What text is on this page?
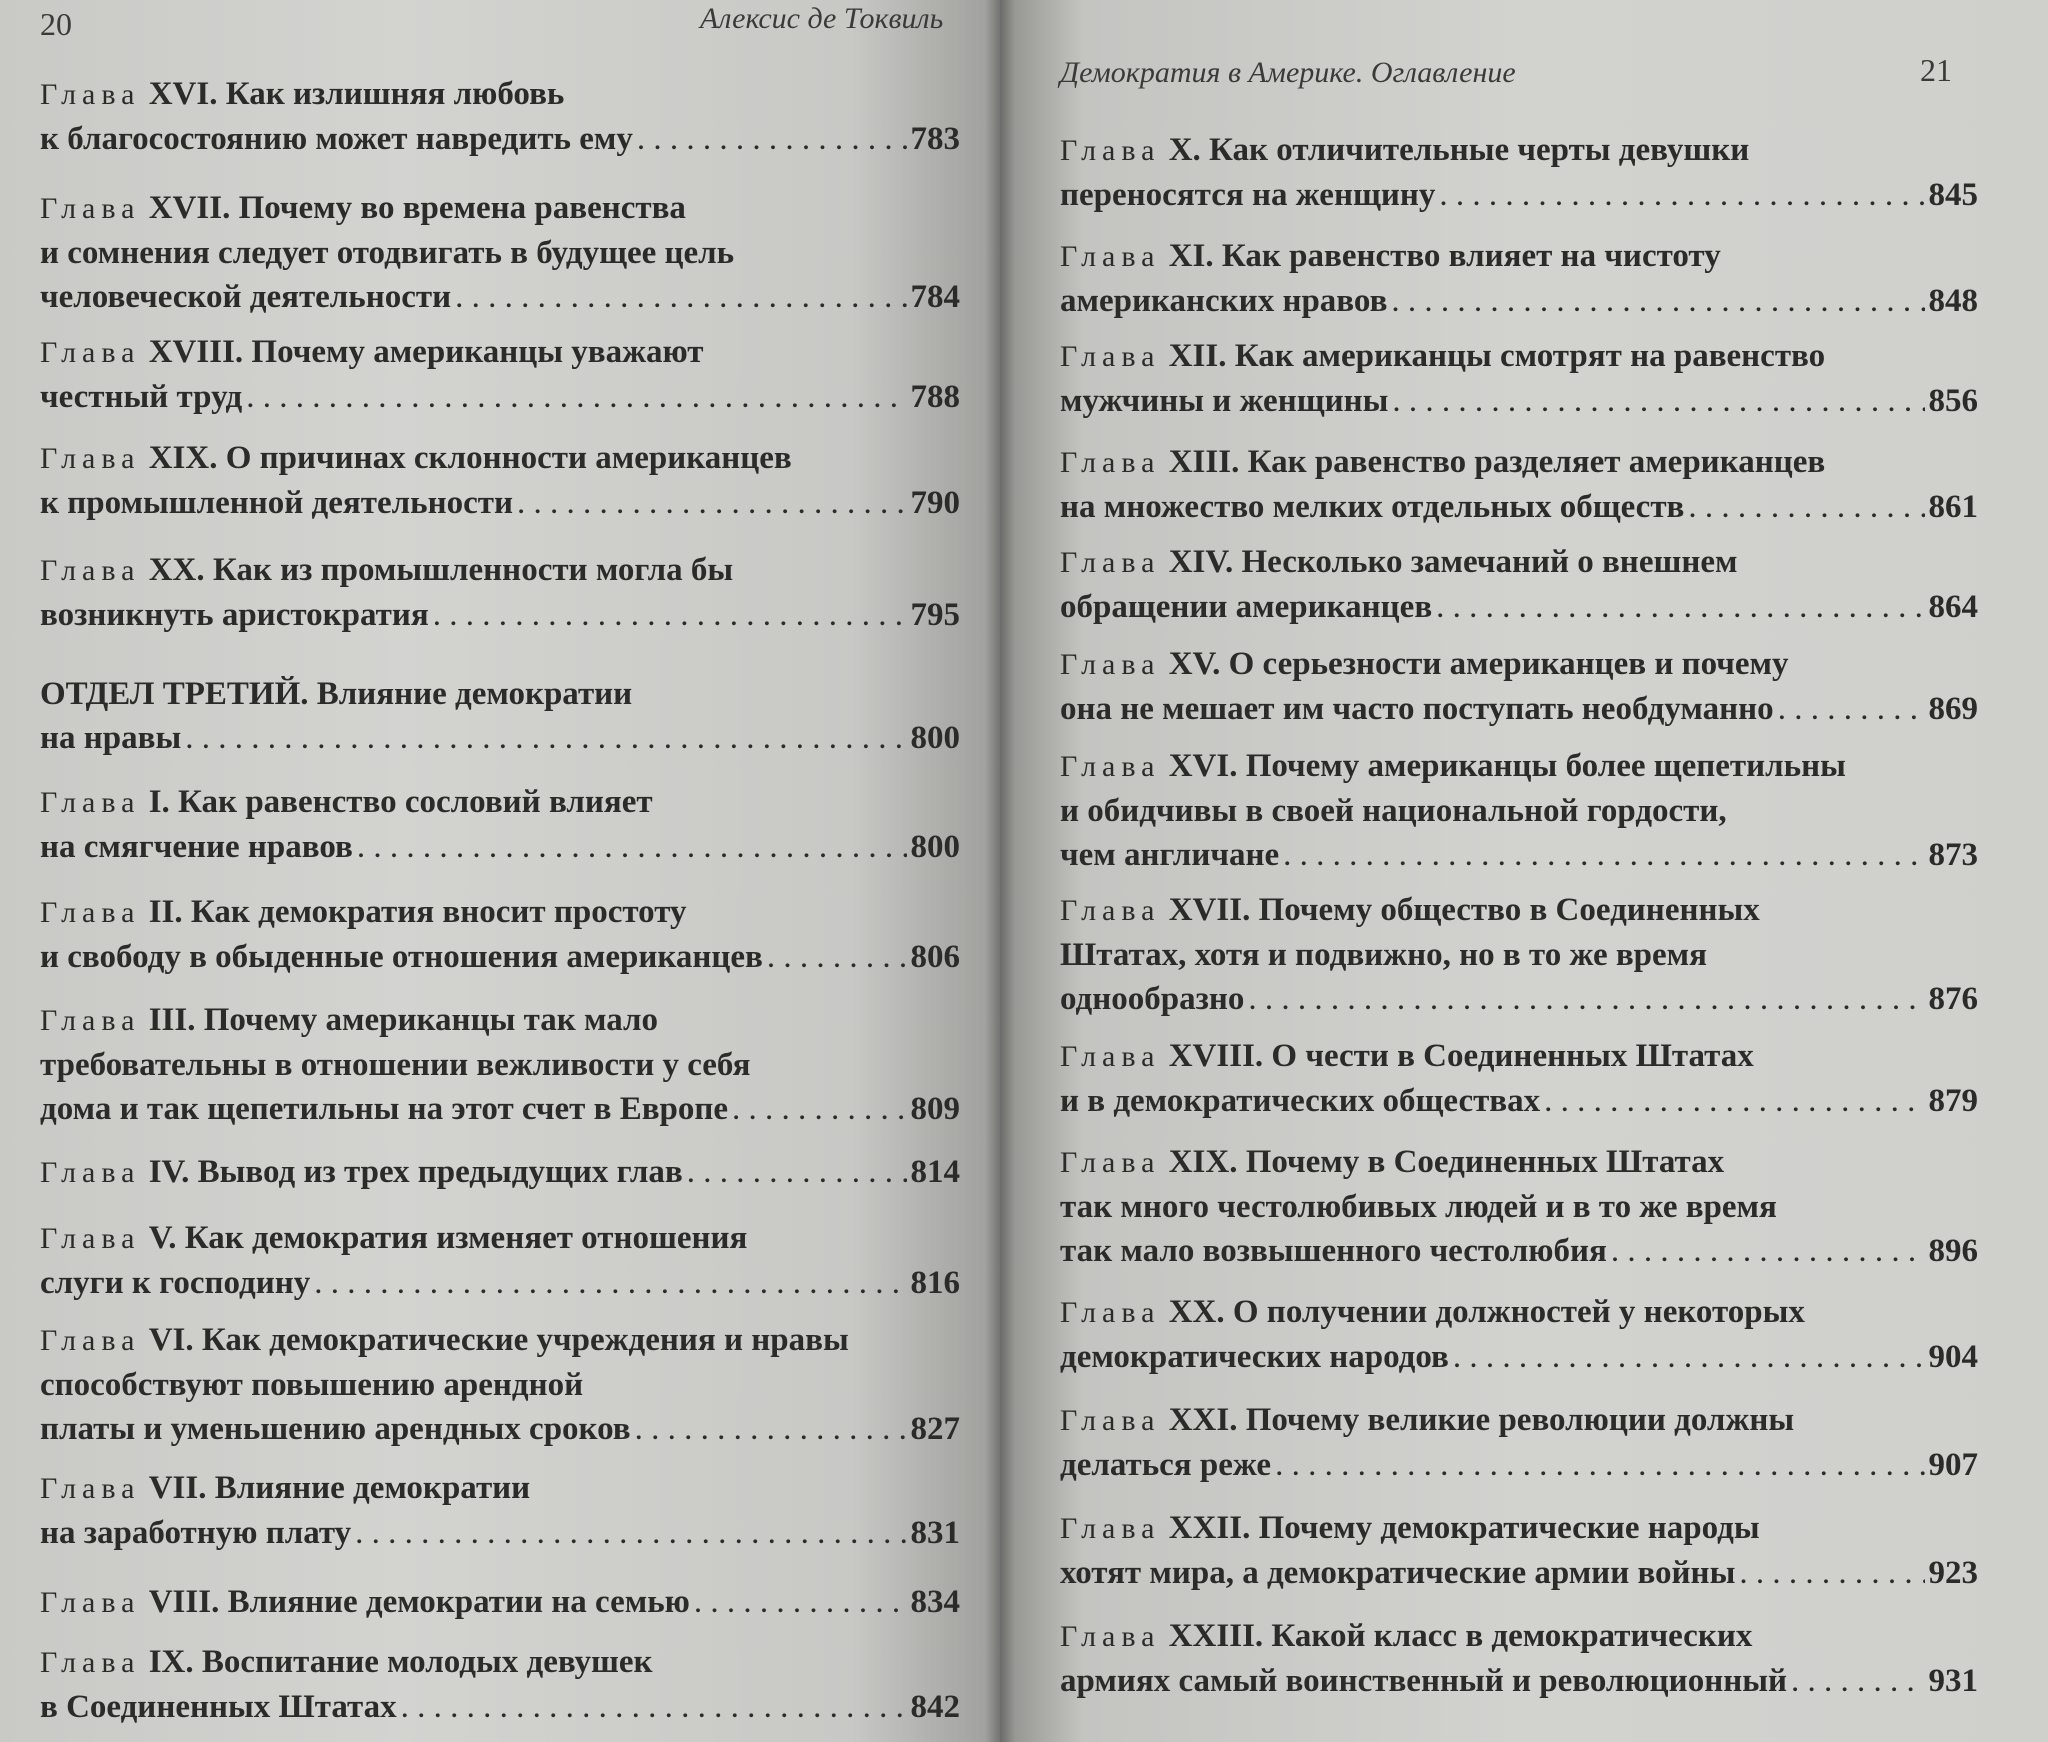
20	Алексис де Токвиль
Глава XVI. Как излишняя любовь
к благосостоянию может навредить ему . . .	783
Глава XVII. Почему во времена равенства
и сомнения следует отодвигать в будущее цель
человеческой деятельности . . .	784
Глава XVIII. Почему американцы уважают
честный труд . . .	788
Глава XIX. О причинах склонности американцев
к промышленной деятельности . . .	790
Глава XX. Как из промышленности могла бы
возникнуть аристократия . . .	795
ОТДЕЛ ТРЕТИЙ. Влияние демократии
на нравы . . .	800
Глава I. Как равенство сословий влияет
на смягчение нравов . . .	800
Глава II. Как демократия вносит простоту
и свободу в обыденные отношения американцев . . .	806
Глава III. Почему американцы так мало
требовательны в отношении вежливости у себя
дома и так щепетильны на этот счет в Европе . . .	809
Глава IV. Вывод из трех предыдущих глав . . .	814
Глава V. Как демократия изменяет отношения
слуги к господину . . .	816
Глава VI. Как демократические учреждения и нравы
способствуют повышению арендной
платы и уменьшению арендных сроков . . .	827
Глава VII. Влияние демократии
на заработную плату . . .	831
Глава VIII. Влияние демократии на семью . . .	834
Глава IX. Воспитание молодых девушек
в Соединенных Штатах . . .	842
Демократия в Америке. Оглавление	21
Глава X. Как отличительные черты девушки
переносятся на женщину . . .	845
Глава XI. Как равенство влияет на чистоту
американских нравов . . .	848
Глава XII. Как американцы смотрят на равенство
мужчины и женщины . . .	856
Глава XIII. Как равенство разделяет американцев
на множество мелких отдельных обществ . . .	861
Глава XIV. Несколько замечаний о внешнем
обращении американцев . . .	864
Глава XV. О серьезности американцев и почему
она не мешает им часто поступать необдуманно . . .	869
Глава XVI. Почему американцы более щепетильны
и обидчивы в своей национальной гордости,
чем англичане . . .	873
Глава XVII. Почему общество в Соединенных
Штатах, хотя и подвижно, но в то же время
однообразно . . .	876
Глава XVIII. О чести в Соединенных Штатах
и в демократических обществах . . .	879
Глава XIX. Почему в Соединенных Штатах
так много честолюбивых людей и в то же время
так мало возвышенного честолюбия . . .	896
Глава XX. О получении должностей у некоторых
демократических народов . . .	904
Глава XXI. Почему великие революции должны
делаться реже . . .	907
Глава XXII. Почему демократические народы
хотят мира, а демократические армии войны . . .	923
Глава XXIII. Какой класс в демократических
армиях самый воинственный и революционный . . .	931
